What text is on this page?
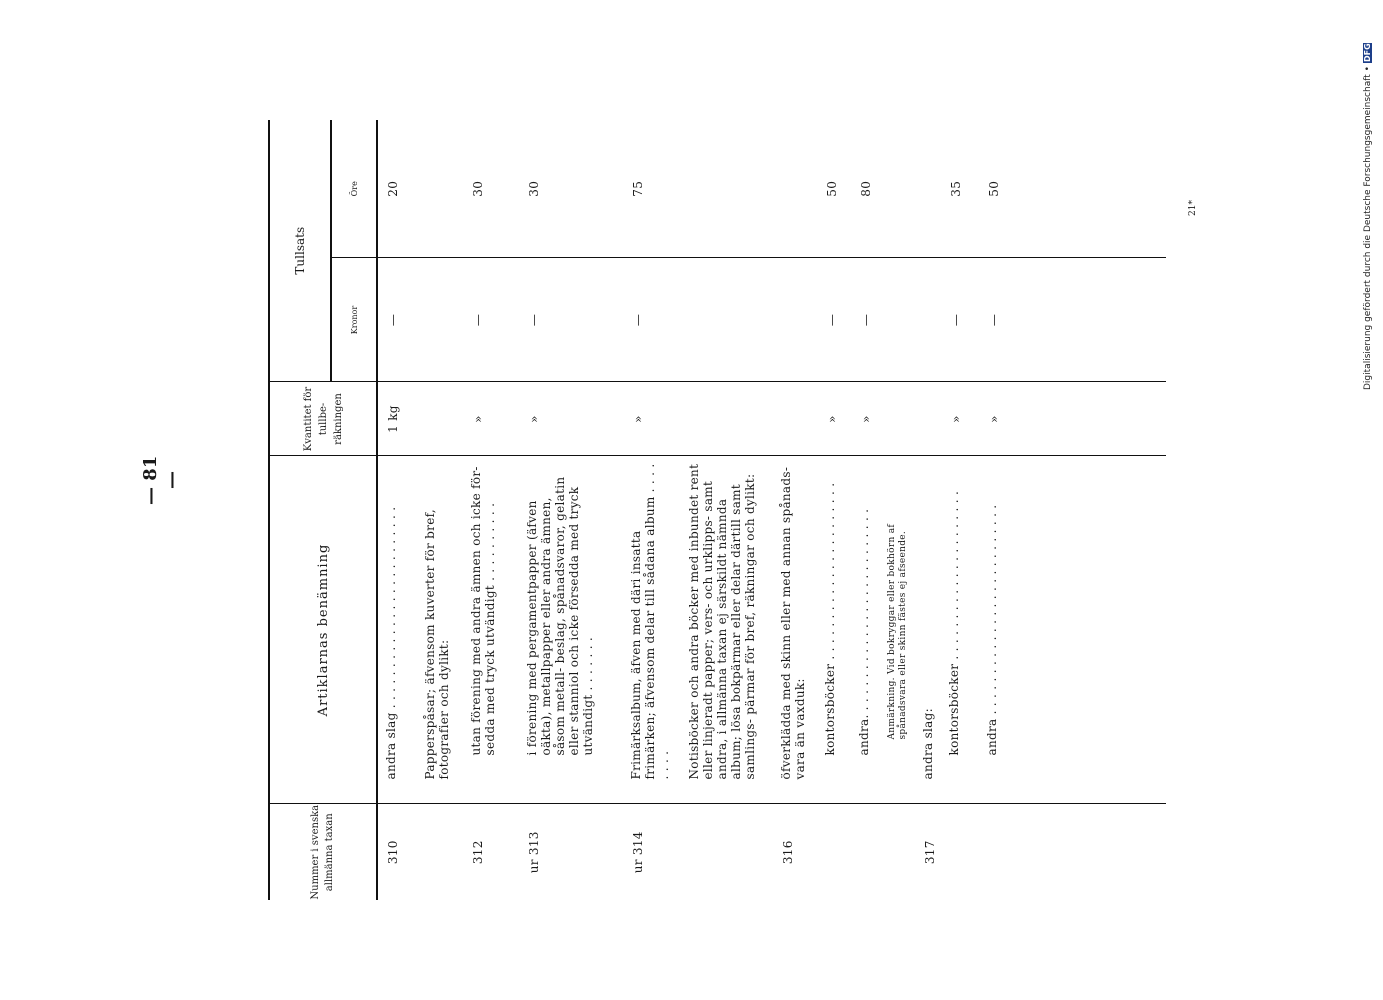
— 81 —
Nummer i svenska allmänna taxan	Artiklarnas benämning	Kvantitet för tullbe- räkningen	Tullsats	
			Kronor	Öre
310	andra slag . . . . . . . . . . . . . . . . . . . . . . . . .	1 kg	—	20
	Papperspåsar; äfvensom kuverter för bref, fotografier och dylikt:			
312	utan förening med andra ämnen och icke för- sedda med tryck utvändigt . . . . . . . . . .	»	—	30
ur 313	i förening med pergamentpapper (äfven oäkta), metallpapper eller andra ämnen, såsom metall- beslag, spånadsvaror, gelatin eller stanniol och icke försedda med tryck utvändigt . . . . . . .	»	—	30
ur 314	Frimärksalbum, äfven med däri insatta frimärken; äfvensom delar till sådana album . . . . . . . .	»	—	75
	Notisböcker och andra böcker med inbundet rent eller linjeradt papper; vers- och urklipps- samt andra, i allmänna taxan ej särskildt nämnda album; lösa bokpärmar eller delar därtill samt samlings- pärmar för bref, räkningar och dylikt:			
316	öfverklädda med skinn eller med annan spånads- vara än vaxduk:			
	kontorsböcker . . . . . . . . . . . . . . . . . . . . . .	»	—	50
	andra. . . . . . . . . . . . . . . . . . . . . . . . . .	»	—	80
	Anmärkning. Vid bokryggar eller bokhörn af spånadsvara eller skinn fästes ej afseende.			
317	andra slag:			
	kontorsböcker . . . . . . . . . . . . . . . . . . . . .	»	—	35
	andra . . . . . . . . . . . . . . . . . . . . . . . . . .	»	—	50
21*	Digitalisierung gefördert durch die Deutsche Forschungsgemeinschaft • DFG
